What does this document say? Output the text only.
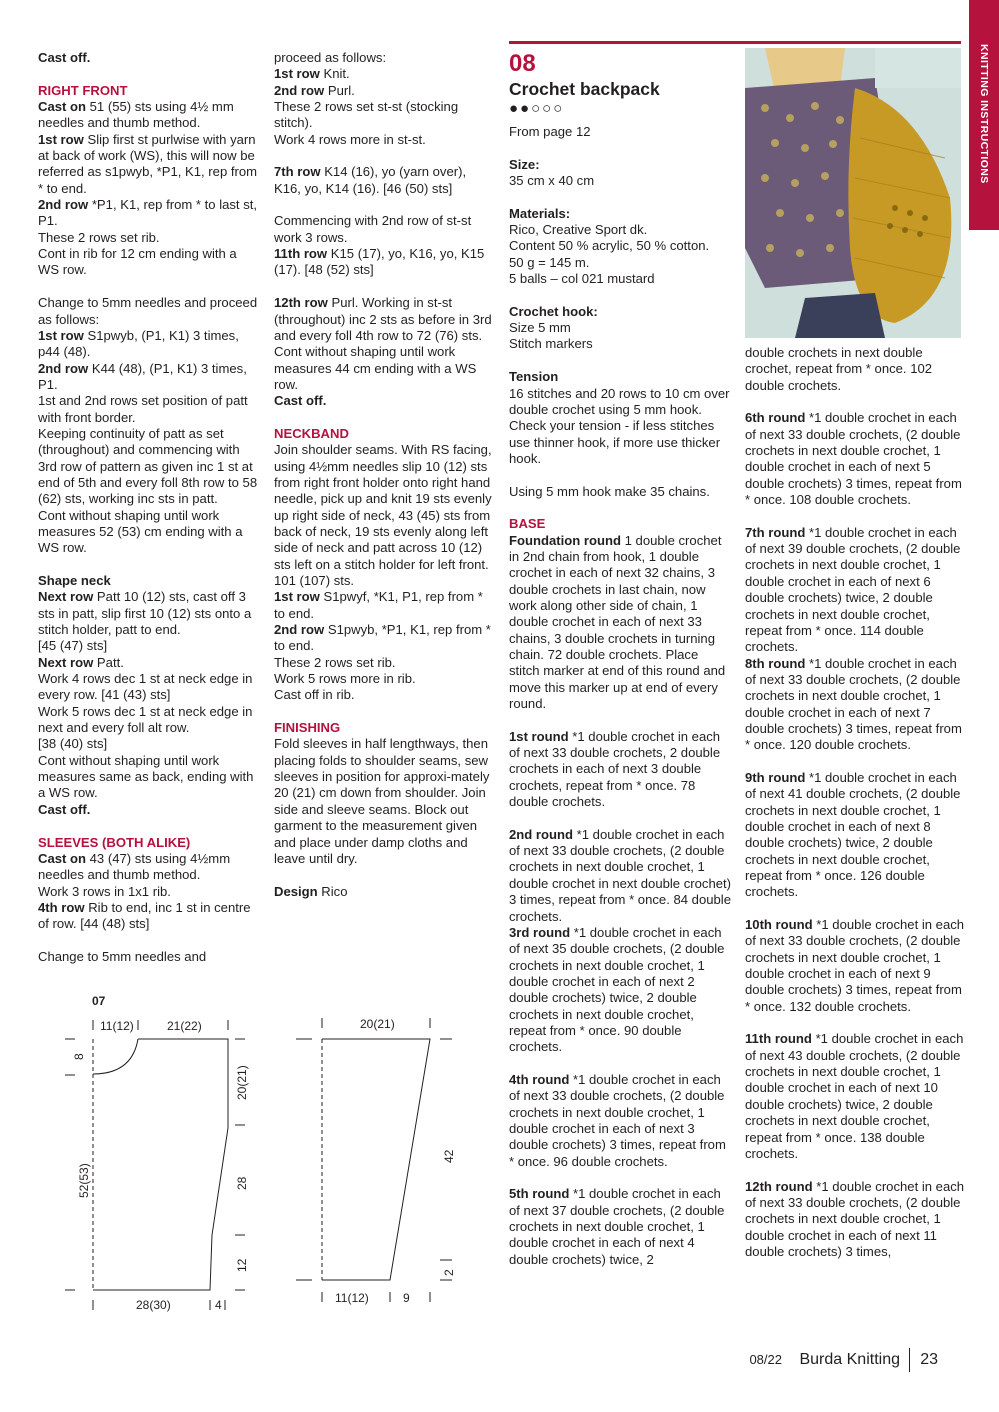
KNITTING INSTRUCTIONS

Cast off.

RIGHT FRONT

Cast on 51 (55) sts using 4½ mm needles and thumb method.

1st row Slip first st purlwise with yarn at back of work (WS), this will now be referred as s1pwyb, *P1, K1, rep from * to end.

2nd row *P1, K1, rep from * to last st, P1.

These 2 rows set rib.

Cont in rib for 12 cm ending with a WS row.

Change to 5mm needles and proceed as follows:

1st row S1pwyb, (P1, K1) 3 times, p44 (48).

2nd row K44 (48), (P1, K1) 3 times, P1.

1st and 2nd rows set position of patt with front border.

Keeping continuity of patt as set (throughout) and commencing with 3rd row of pattern as given inc 1 st at end of 5th and every foll 8th row to 58 (62) sts, working inc sts in patt.

Cont without shaping until work measures 52 (53) cm ending with a WS row.

Shape neck

Next row Patt 10 (12) sts, cast off 3 sts in patt, slip first 10 (12) sts onto a stitch holder, patt to end.

[45 (47) sts]

Next row Patt.

Work 4 rows dec 1 st at neck edge in every row. [41 (43) sts]

Work 5 rows dec 1 st at neck edge in next and every foll alt row.

[38 (40) sts]

Cont without shaping until work measures same as back, ending with a WS row.

Cast off.

SLEEVES (BOTH ALIKE)

Cast on 43 (47) sts using 4½mm needles and thumb method.

Work 3 rows in 1x1 rib.

4th row Rib to end, inc 1 st in centre of row. [44 (48) sts]

Change to 5mm needles and

proceed as follows:

1st row Knit.

2nd row Purl.

These 2 rows set st-st (stocking stitch).

Work 4 rows more in st-st.

7th row K14 (16), yo (yarn over), K16, yo, K14 (16). [46 (50) sts]

Commencing with 2nd row of st-st work 3 rows.

11th row K15 (17), yo, K16, yo, K15 (17). [48 (52) sts]

12th row Purl. Working in st-st (throughout) inc 2 sts as before in 3rd and every foll 4th row to 72 (76) sts.

Cont without shaping until work measures 44 cm ending with a WS row.

Cast off.

NECKBAND

Join shoulder seams. With RS facing, using 4½mm needles slip 10 (12) sts from right front holder onto right hand needle, pick up and knit 19 sts evenly up right side of neck, 43 (45) sts from back of neck, 19 sts evenly along left side of neck and patt across 10 (12) sts left on a stitch holder for left front. 101 (107) sts.

1st row S1pwyf, *K1, P1, rep from * to end.

2nd row S1pwyb, *P1, K1, rep from * to end.

These 2 rows set rib.

Work 5 rows more in rib.

Cast off in rib.

FINISHING

Fold sleeves in half lengthways, then placing folds to shoulder seams, sew sleeves in position for approxi-mately 20 (21) cm down from shoulder. Join side and sleeve seams. Block out garment to the measurement given and place under damp cloths and leave until dry.

Design Rico

08

Crochet backpack

●●○○○

From page 12

Size:

35 cm x 40 cm

Materials:

Rico, Creative Sport dk.

Content 50 % acrylic, 50 % cotton.

50 g = 145 m.

5 balls – col 021 mustard

Crochet hook:

Size 5 mm

Stitch markers

Tension

16 stitches and 20 rows to 10 cm over double crochet using 5 mm hook.

Check your tension - if less stitches use thinner hook, if more use thicker hook.

Using 5 mm hook make 35 chains.

BASE

Foundation round 1 double crochet in 2nd chain from hook, 1 double crochet in each of next 32 chains, 3 double crochets in last chain, now work along other side of chain, 1 double crochet in each of next 33 chains, 3 double crochets in turning chain. 72 double crochets. Place stitch marker at end of this round and move this marker up at end of every round.

1st round *1 double crochet in each of next 33 double crochets, 2 double crochets in each of next 3 double crochets, repeat from * once. 78 double crochets.

2nd round *1 double crochet in each of next 33 double crochets, (2 double crochets in next double crochet, 1 double crochet in next double crochet) 3 times, repeat from * once. 84 double crochets.

3rd round *1 double crochet in each of next 35 double crochets, (2 double crochets in next double crochet, 1 double crochet in each of next 2 double crochets) twice, 2 double crochets in next double crochet, repeat from * once. 90 double crochets.

4th round *1 double crochet in each of next 33 double crochets, (2 double crochets in next double crochet, 1 double crochet in each of next 3 double crochets) 3 times, repeat from * once. 96 double crochets.

5th round *1 double crochet in each of next 37 double crochets, (2 double crochets in next double crochet, 1 double crochet in each of next 4 double crochets) twice, 2

double crochets in next double crochet, repeat from * once. 102 double crochets.

6th round *1 double crochet in each of next 33 double crochets, (2 double crochets in next double crochet, 1 double crochet in each of next 5 double crochets) 3 times, repeat from * once. 108 double crochets.

7th round *1 double crochet in each of next 39 double crochets, (2 double crochets in next double crochet, 1 double crochet in each of next 6 double crochets) twice, 2 double crochets in next double crochet, repeat from * once. 114 double crochets.

8th round *1 double crochet in each of next 33 double crochets, (2 double crochets in next double crochet, 1 double crochet in each of next 7 double crochets) 3 times, repeat from * once. 120 double crochets.

9th round *1 double crochet in each of next 41 double crochets, (2 double crochets in next double crochet, 1 double crochet in each of next 8 double crochets) twice, 2 double crochets in next double crochet, repeat from * once. 126 double crochets.

10th round *1 double crochet in each of next 33 double crochets, (2 double crochets in next double crochet, 1 double crochet in each of next 9 double crochets) 3 times, repeat from * once. 132 double crochets.

11th round *1 double crochet in each of next 43 double crochets, (2 double crochets in next double crochet, 1 double crochet in each of next 10 double crochets) twice, 2 double crochets in next double crochet, repeat from * once. 138 double crochets.

12th round *1 double crochet in each of next 33 double crochets, (2 double crochets in next double crochet, 1 double crochet in each of next 11 double crochets) 3 times,

07
11(12)	21(22)
8
52(53)
20(21)
28
12
28(30)	4
20(21)
42
2
11(12)	9
08/22 Burda Knitting 23
